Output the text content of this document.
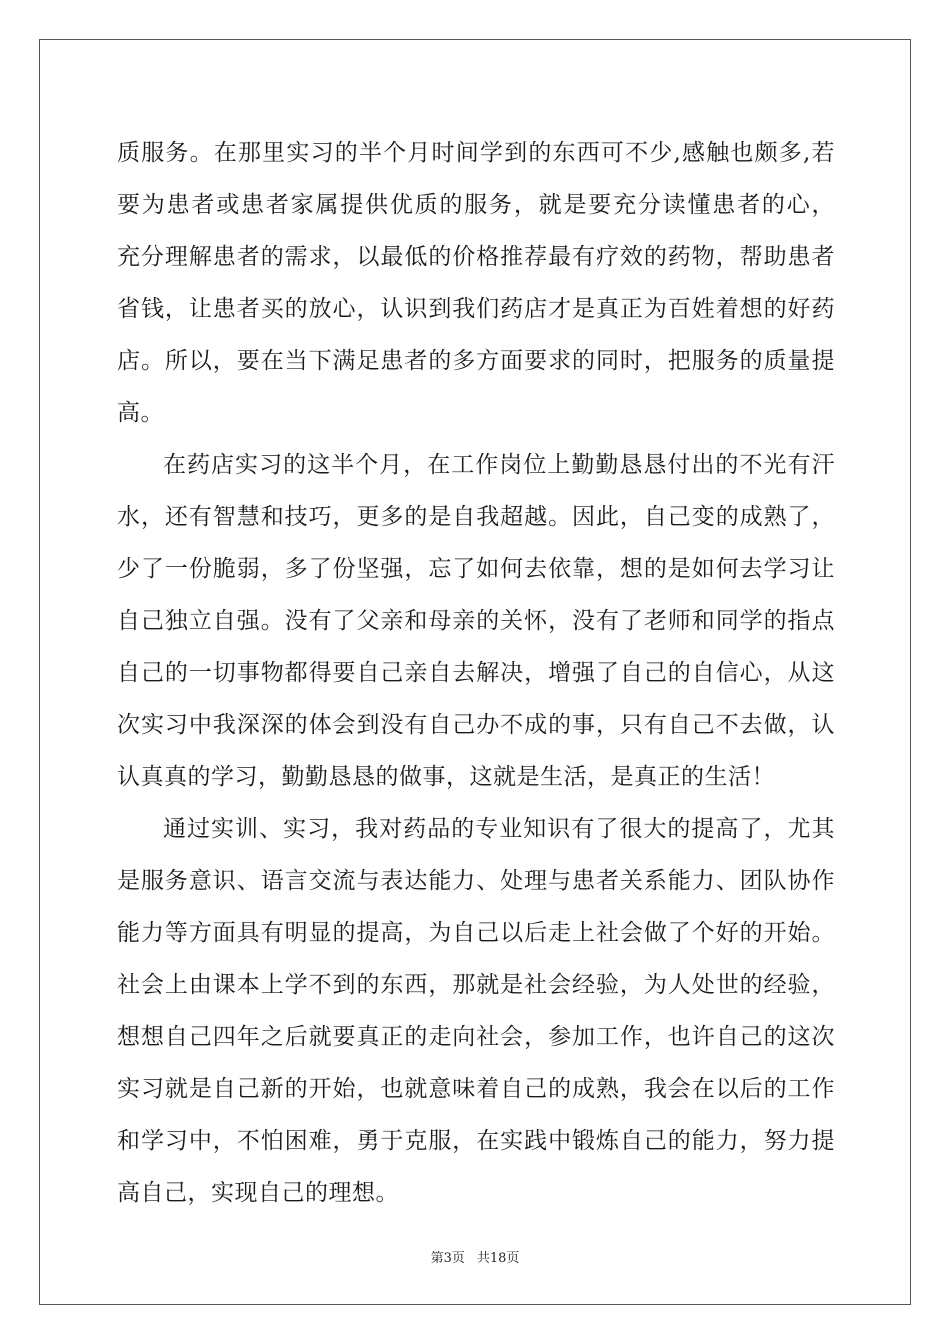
质服务。在那里实习的半个月时间学到的东西可不少,感触也颇多,若
要为患者或患者家属提供优质的服务，就是要充分读懂患者的心，
充分理解患者的需求，以最低的价格推荐最有疗效的药物，帮助患者
省钱，让患者买的放心，认识到我们药店才是真正为百姓着想的好药
店。所以，要在当下满足患者的多方面要求的同时，把服务的质量提
高。
在药店实习的这半个月，在工作岗位上勤勤恳恳付出的不光有汗
水，还有智慧和技巧，更多的是自我超越。因此，自己变的成熟了，
少了一份脆弱，多了份坚强，忘了如何去依靠，想的是如何去学习让
自己独立自强。没有了父亲和母亲的关怀，没有了老师和同学的指点
自己的一切事物都得要自己亲自去解决，增强了自己的自信心，从这
次实习中我深深的体会到没有自己办不成的事，只有自己不去做，认
认真真的学习，勤勤恳恳的做事，这就是生活，是真正的生活！
通过实训、实习，我对药品的专业知识有了很大的提高了，尤其
是服务意识、语言交流与表达能力、处理与患者关系能力、团队协作
能力等方面具有明显的提高，为自己以后走上社会做了个好的开始。
社会上由课本上学不到的东西，那就是社会经验，为人处世的经验，
想想自己四年之后就要真正的走向社会，参加工作，也许自己的这次
实习就是自己新的开始，也就意味着自己的成熟，我会在以后的工作
和学习中，不怕困难，勇于克服，在实践中锻炼自己的能力，努力提
高自己，实现自己的理想。
第3页 共18页
